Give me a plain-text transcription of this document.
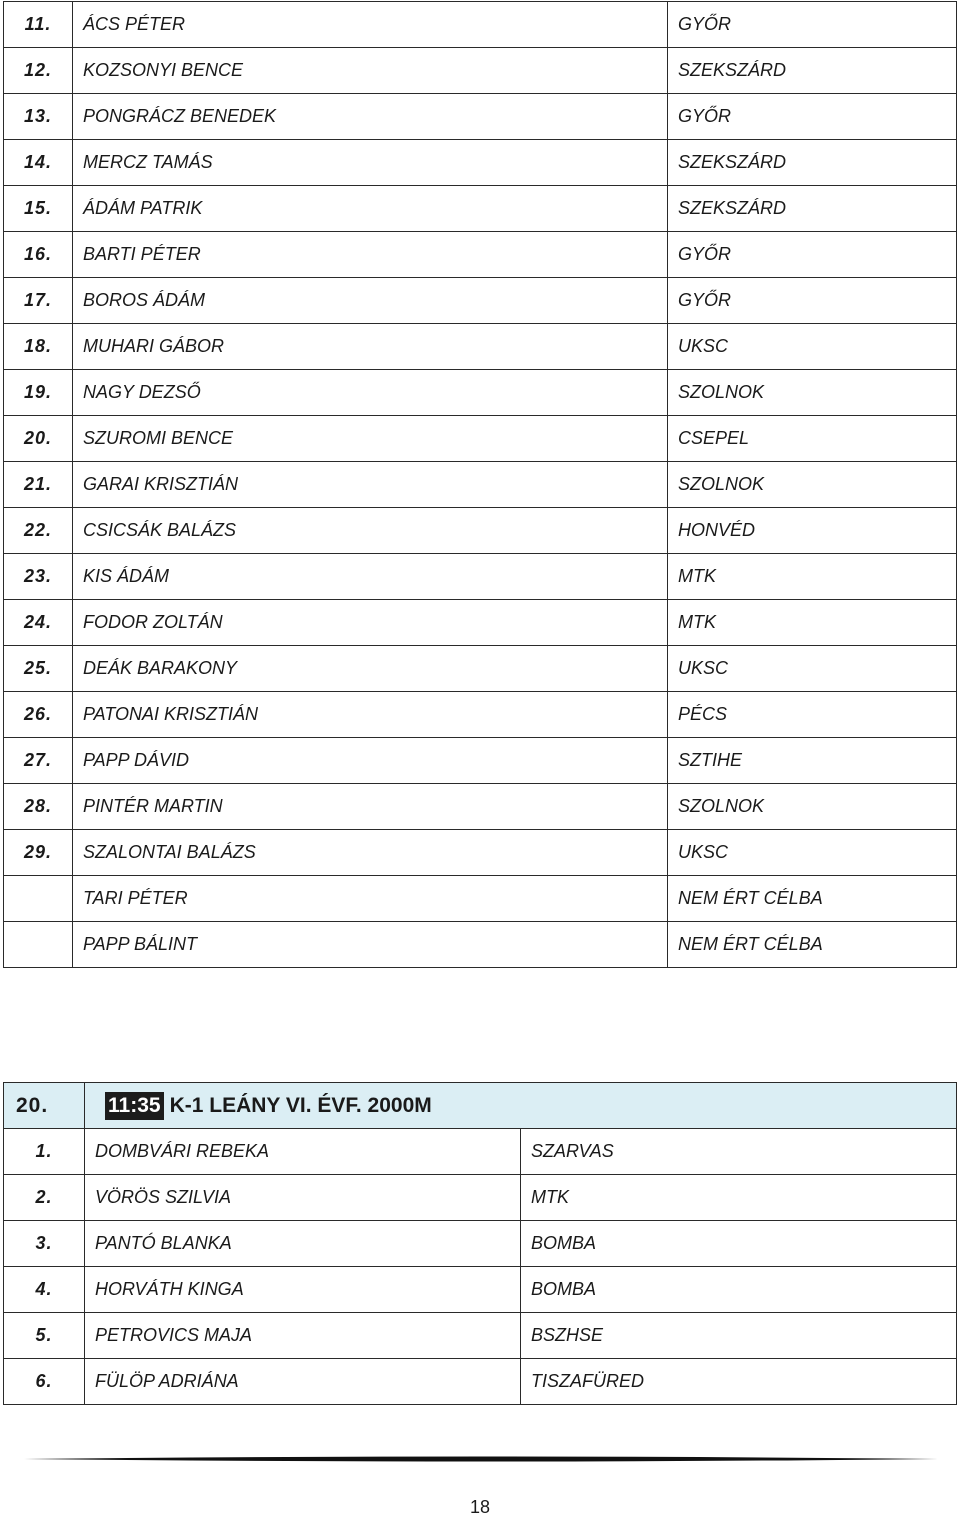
11.	ÁCS PÉTER	GYŐR
12.	KOZSONYI BENCE	SZEKSZÁRD
13.	PONGRÁCZ BENEDEK	GYŐR
14.	MERCZ TAMÁS	SZEKSZÁRD
15.	ÁDÁM PATRIK	SZEKSZÁRD
16.	BARTI PÉTER	GYŐR
17.	BOROS ÁDÁM	GYŐR
18.	MUHARI GÁBOR	UKSC
19.	NAGY DEZSŐ	SZOLNOK
20.	SZUROMI BENCE	CSEPEL
21.	GARAI KRISZTIÁN	SZOLNOK
22.	CSICSÁK BALÁZS	HONVÉD
23.	KIS ÁDÁM	MTK
24.	FODOR ZOLTÁN	MTK
25.	DEÁK BARAKONY	UKSC
26.	PATONAI KRISZTIÁN	PÉCS
27.	PAPP DÁVID	SZTIHE
28.	PINTÉR MARTIN	SZOLNOK
29.	SZALONTAI BALÁZS	UKSC
	TARI PÉTER	NEM ÉRT CÉLBA
	PAPP BÁLINT	NEM ÉRT CÉLBA
20.	11:35 K-1 LEÁNY VI. ÉVF. 2000M	
1.	DOMBVÁRI REBEKA	SZARVAS
2.	VÖRÖS SZILVIA	MTK
3.	PANTÓ BLANKA	BOMBA
4.	HORVÁTH KINGA	BOMBA
5.	PETROVICS MAJA	BSZHSE
6.	FÜLÖP ADRIÁNA	TISZAFÜRED
18
